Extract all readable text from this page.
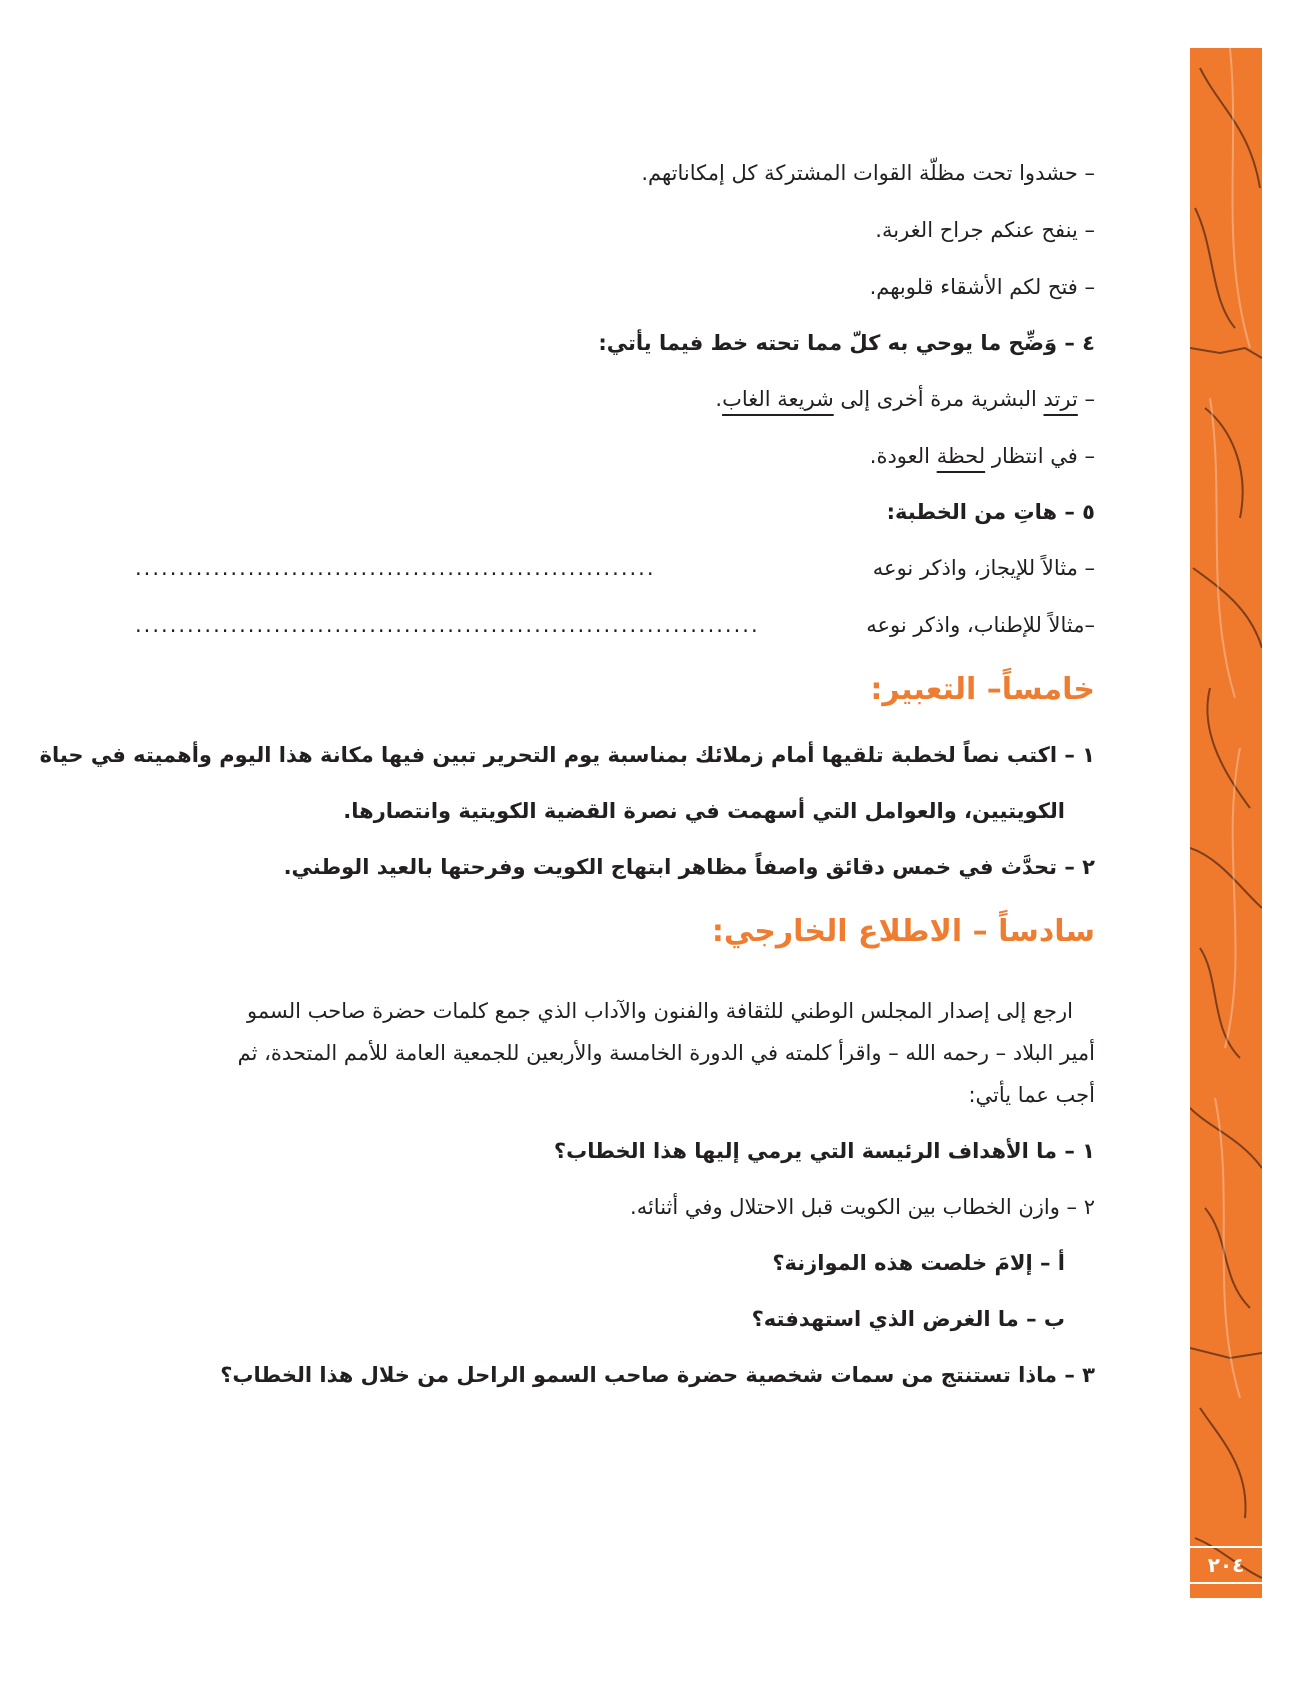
٢٠٤
– حشدوا تحت مظلّة القوات المشتركة كل إمكاناتهم.
– ينفح عنكم جراح الغربة.
– فتح لكم الأشقاء قلوبهم.
٤ – وَضِّح ما يوحي به كلّ مما تحته خط فيما يأتي:
– ترتد البشرية مرة أخرى إلى شريعة الغاب.
– في انتظار لحظة العودة.
٥ – هاتِ من الخطبة:
– مثالاً للإيجاز، واذكر نوعه
............................................................
–مثالاً للإطناب، واذكر نوعه
........................................................................
خامساً– التعبير:
١ – اكتب نصاً لخطبة تلقيها أمام زملائك بمناسبة يوم التحرير تبين فيها مكانة هذا اليوم وأهميته في حياة
الكويتيين، والعوامل التي أسهمت في نصرة القضية الكويتية وانتصارها.
٢ – تحدَّث في خمس دقائق واصفاً مظاهر ابتهاج الكويت وفرحتها بالعيد الوطني.
سادساً – الاطلاع الخارجي:
ارجع إلى إصدار المجلس الوطني للثقافة والفنون والآداب الذي جمع كلمات حضرة صاحب السمو
أمير البلاد – رحمه الله – واقرأ كلمته في الدورة الخامسة والأربعين للجمعية العامة للأمم المتحدة، ثم
أجب عما يأتي:
١ – ما الأهداف الرئيسة التي يرمي إليها هذا الخطاب؟
٢ – وازن الخطاب بين الكويت قبل الاحتلال وفي أثنائه.
أ – إلامَ خلصت هذه الموازنة؟
ب – ما الغرض الذي استهدفته؟
٣ – ماذا تستنتج من سمات شخصية حضرة صاحب السمو الراحل من خلال هذا الخطاب؟
